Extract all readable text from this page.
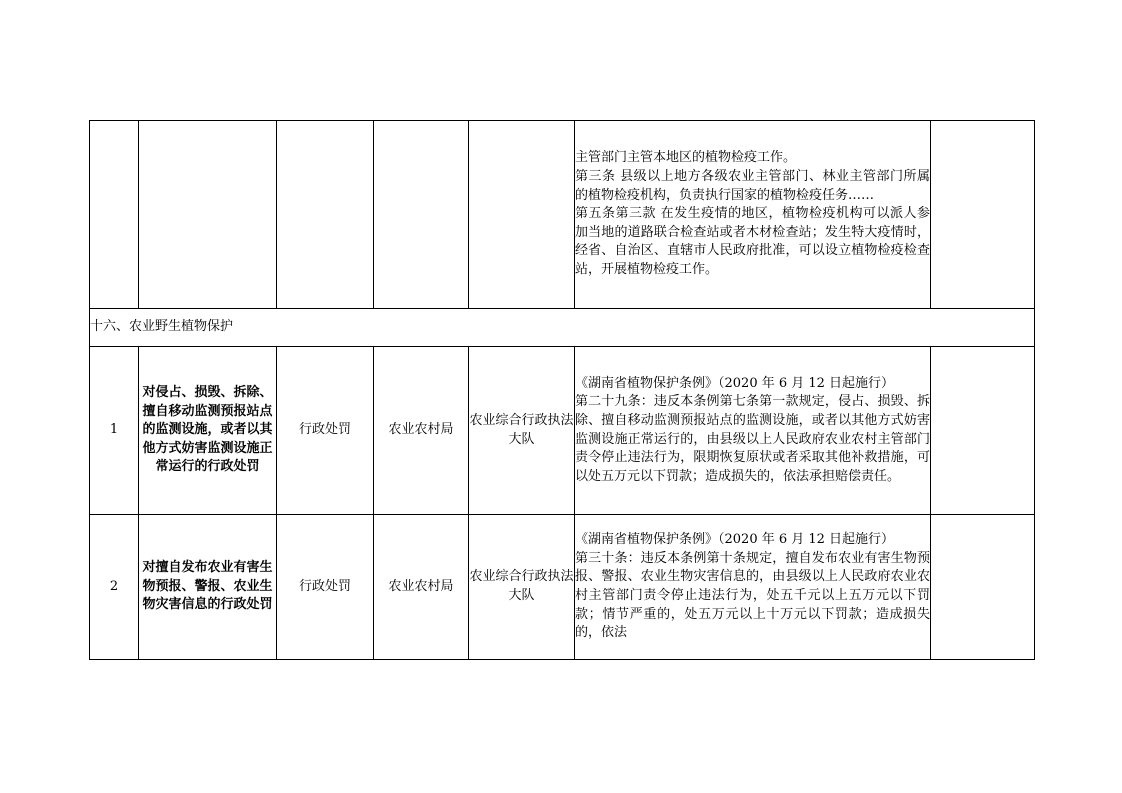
					主管部门主管本地区的植物检疫工作。
第三条 县级以上地方各级农业主管部门、林业主管部门所属的植物检疫机构，负责执行国家的植物检疫任务……
第五条第三款 在发生疫情的地区，植物检疫机构可以派人参加当地的道路联合检查站或者木材检查站；发生特大疫情时，经省、自治区、直辖市人民政府批准，可以设立植物检疫检查站，开展植物检疫工作。	

十六、农业野生植物保护						
1	对侵占、损毁、拆除、擅自移动监测预报站点的监测设施，或者以其他方式妨害监测设施正常运行的行政处罚	行政处罚	农业农村局	农业综合行政执法大队	《湖南省植物保护条例》（2020 年 6 月 12 日起施行）
第二十九条：违反本条例第七条第一款规定，侵占、损毁、拆除、擅自移动监测预报站点的监测设施，或者以其他方式妨害监测设施正常运行的，由县级以上人民政府农业农村主管部门责令停止违法行为，限期恢复原状或者采取其他补救措施，可以处五万元以下罚款；造成损失的，依法承担赔偿责任。	

2	对擅自发布农业有害生物预报、警报、农业生物灾害信息的行政处罚	行政处罚	农业农村局	农业综合行政执法大队	《湖南省植物保护条例》（2020 年 6 月 12 日起施行）
第三十条：违反本条例第十条规定，擅自发布农业有害生物预报、警报、农业生物灾害信息的，由县级以上人民政府农业农村主管部门责令停止违法行为，处五千元以上五万元以下罚款；情节严重的，处五万元以上十万元以下罚款；造成损失的，依法	
